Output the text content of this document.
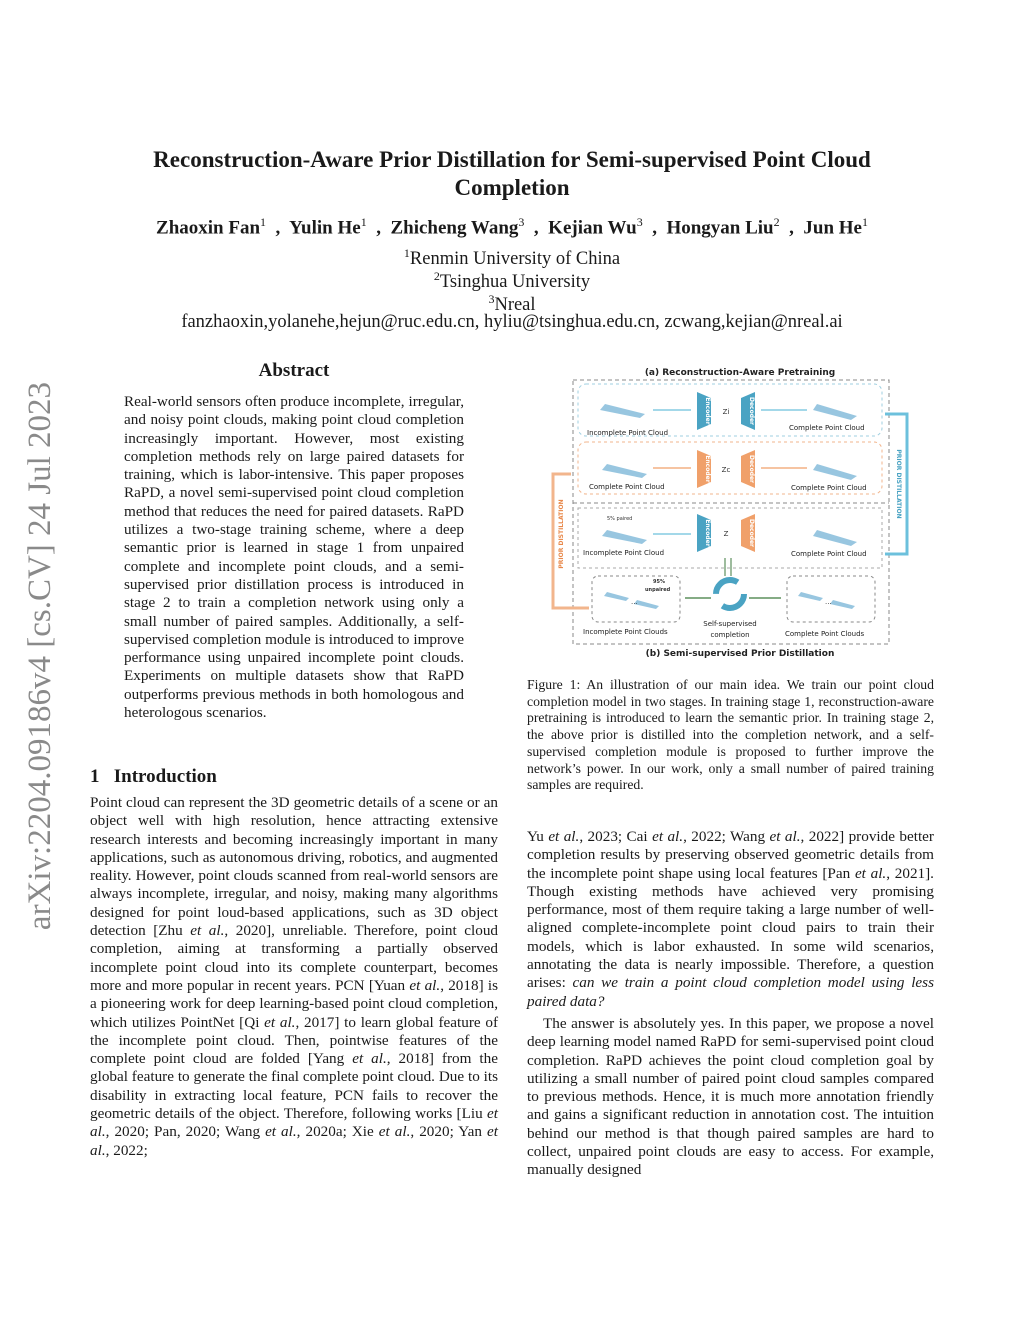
arXiv:2204.09186v4 [cs.CV] 24 Jul 2023
Reconstruction-Aware Prior Distillation for Semi-supervised Point Cloud Completion
Zhaoxin Fan$^1$  ,  Yulin He$^1$  ,  Zhicheng Wang$^3$  ,  Kejian Wu$^3$  ,  Hongyan Liu$^2$  ,  Jun He$^1$
$^1$Renmin University of China
$^2$Tsinghua University
$^3$Nreal
fanzhaoxin,yolanehe,hejun@ruc.edu.cn, hyliu@tsinghua.edu.cn, zcwang,kejian@nreal.ai
Abstract
Real-world sensors often produce incomplete, irregular, and noisy point clouds, making point cloud completion increasingly important. However, most existing completion methods rely on large paired datasets for training, which is labor-intensive. This paper proposes RaPD, a novel semi-supervised point cloud completion method that reduces the need for paired datasets. RaPD utilizes a two-stage training scheme, where a deep semantic prior is learned in stage 1 from unpaired complete and incomplete point clouds, and a semi-supervised prior distillation process is introduced in stage 2 to train a completion network using only a small number of paired samples. Additionally, a self-supervised completion module is introduced to improve performance using unpaired incomplete point clouds. Experiments on multiple datasets show that RaPD outperforms previous methods in both homologous and heterologous scenarios.
1 Introduction
Point cloud can represent the 3D geometric details of a scene or an object well with high resolution, hence attracting extensive research interests and becoming increasingly important in many applications, such as autonomous driving, robotics, and augmented reality. However, point clouds scanned from real-world sensors are always incomplete, irregular, and noisy, making many algorithms designed for point loud-based applications, such as 3D object detection [Zhu et al., 2020], unreliable. Therefore, point cloud completion, aiming at transforming a partially observed incomplete point cloud into its complete counterpart, becomes more and more popular in recent years. PCN [Yuan et al., 2018] is a pioneering work for deep learning-based point cloud completion, which utilizes PointNet [Qi et al., 2017] to learn global feature of the incomplete point cloud. Then, pointwise features of the complete point cloud are folded [Yang et al., 2018] from the global feature to generate the final complete point cloud. Due to its disability in extracting local feature, PCN fails to recover the geometric details of the object. Therefore, following works [Liu et al., 2020; Pan, 2020; Wang et al., 2020a; Xie et al., 2020; Yan et al., 2022;
(a) Reconstruction-Aware Pretraining
Encoder	Decoder
Encoder	Decoder
Encoder	Decoder
Zi
Zc
Z
PRIOR DISTILLATION
PRIOR DISTILLATION
Incomplete Point Cloud
Complete Point Cloud
Complete Point Cloud	Complete Point Cloud
Incomplete Point Cloud	Complete Point Cloud
Incomplete Point Clouds	Complete Point Clouds
Self-supervised
completion
5% paired
95%
unpaired
...	...
(b) Semi-supervised Prior Distillation
Figure 1: An illustration of our main idea. We train our point cloud completion model in two stages. In training stage 1, reconstruction-aware pretraining is introduced to learn the semantic prior. In training stage 2, the above prior is distilled into the completion network, and a self-supervised completion module is proposed to further improve the network’s power. In our work, only a small number of paired training samples are required.
Yu et al., 2023; Cai et al., 2022; Wang et al., 2022] provide better completion results by preserving observed geometric details from the incomplete point shape using local features [Pan et al., 2021]. Though existing methods have achieved very promising performance, most of them require taking a large number of well-aligned complete-incomplete point cloud pairs to train their models, which is labor exhausted. In some wild scenarios, annotating the data is nearly impossible. Therefore, a question arises: can we train a point cloud completion model using less paired data?
The answer is absolutely yes. In this paper, we propose a novel deep learning model named RaPD for semi-supervised point cloud completion. RaPD achieves the point cloud completion goal by utilizing a small number of paired point cloud samples compared to previous methods. Hence, it is much more annotation friendly and gains a significant reduction in annotation cost. The intuition behind our method is that though paired samples are hard to collect, unpaired point clouds are easy to access. For example, manually designed
